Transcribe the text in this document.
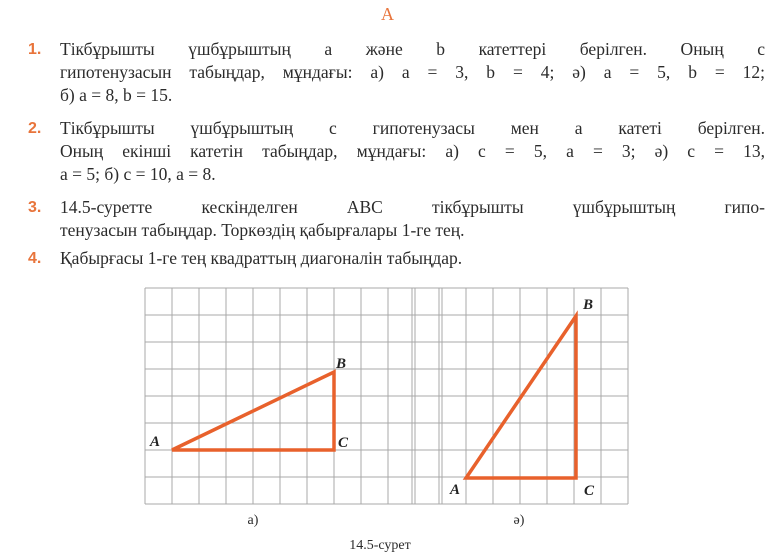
А
1.	Тікбұрышты үшбұрыштың a және b катеттері берілген. Оның c
гипотенузасын табыңдар, мұндағы: а) a = 3, b = 4; ә) a = 5, b = 12;
б) a = 8, b = 15.
2.	Тікбұрышты үшбұрыштың c гипотенузасы мен a катеті берілген.
Оның екінші катетін табыңдар, мұндағы: а) c = 5, a = 3; ә) c = 13,
a = 5; б) c = 10, a = 8.
3.	14.5-суретте кескінделген ABC тікбұрышты үшбұрыштың гипо-
тенузасын табыңдар. Торкөздің қабырғалары 1-ге тең.
4.	Қабырғасы 1-ге тең квадраттың диагоналін табыңдар.
A
B
C
A
B
C
а)	ә)
14.5-сурет
